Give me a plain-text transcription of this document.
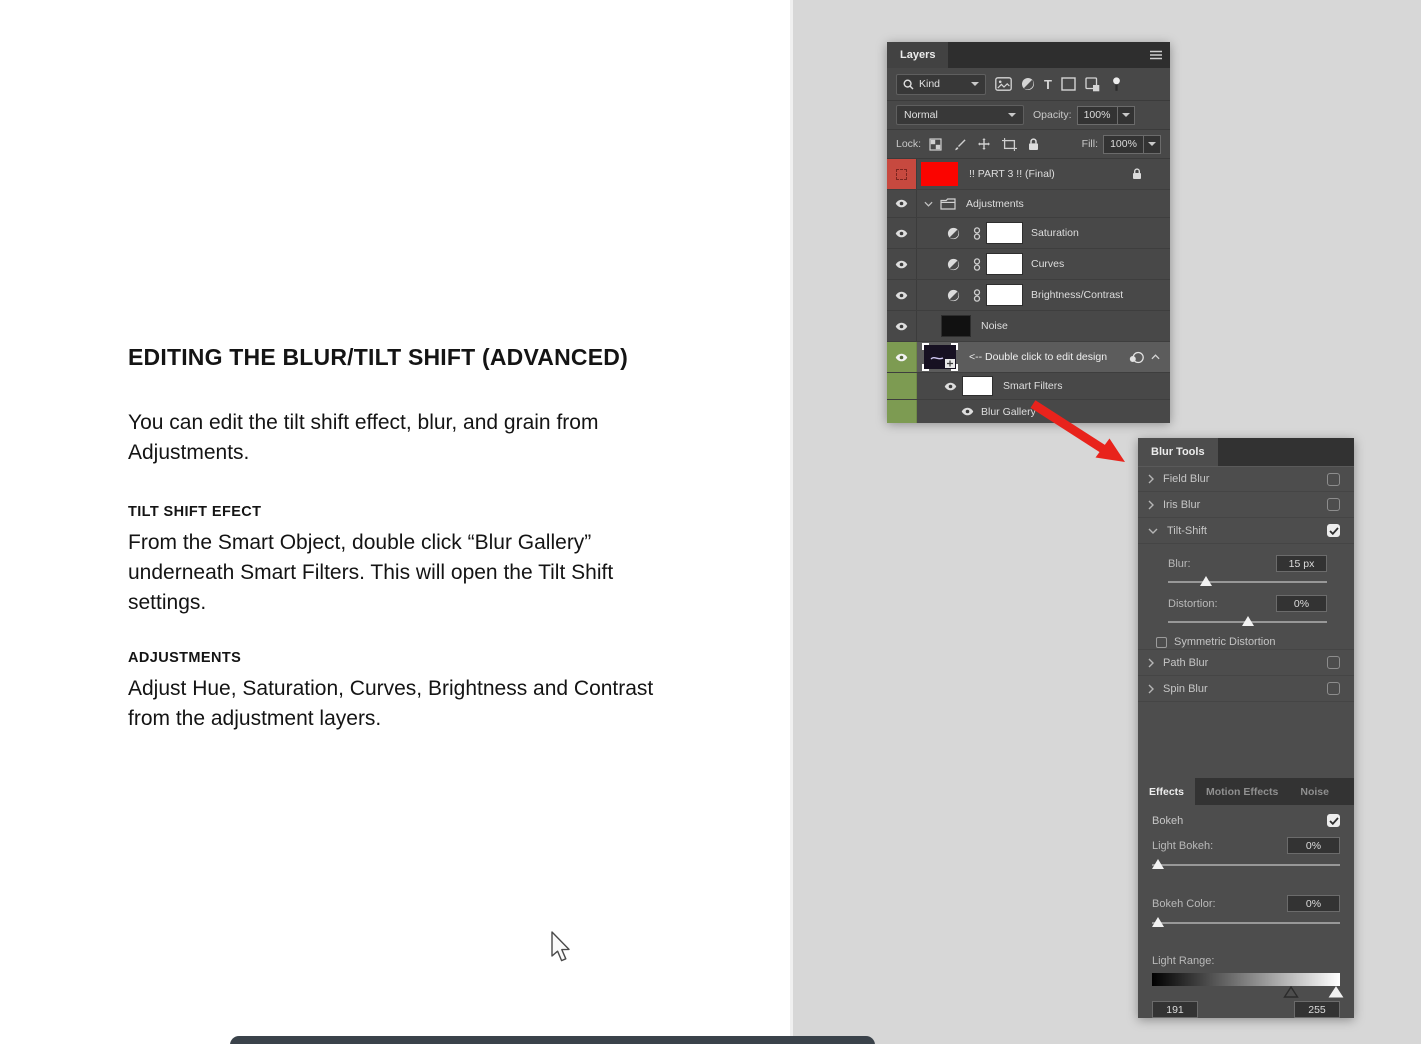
EDITING THE BLUR/TILT SHIFT (ADVANCED)
You can edit the tilt shift effect, blur, and grain from Adjustments.
TILT SHIFT EFECT
From the Smart Object, double click “Blur Gallery” underneath Smart Filters. This will open the Tilt Shift settings.
ADJUSTMENTS
Adjust Hue, Saturation, Curves, Brightness and Contrast from the adjustment layers.
Layers
Kind	T
Normal	Opacity:	100%
Lock:	Fill:	100%
!! PART 3 !! (Final)
Adjustments
Saturation
Curves
Brightness/Contrast
Noise
<-- Double click to edit design
Smart Filters
Blur Gallery
Blur Tools
Field Blur
Iris Blur
Tilt-Shift
Blur:	15 px
Distortion:	0%
Symmetric Distortion
Path Blur
Spin Blur
Effects	Motion Effects	Noise
Bokeh
Light Bokeh:	0%
Bokeh Color:	0%
Light Range:
191	255
